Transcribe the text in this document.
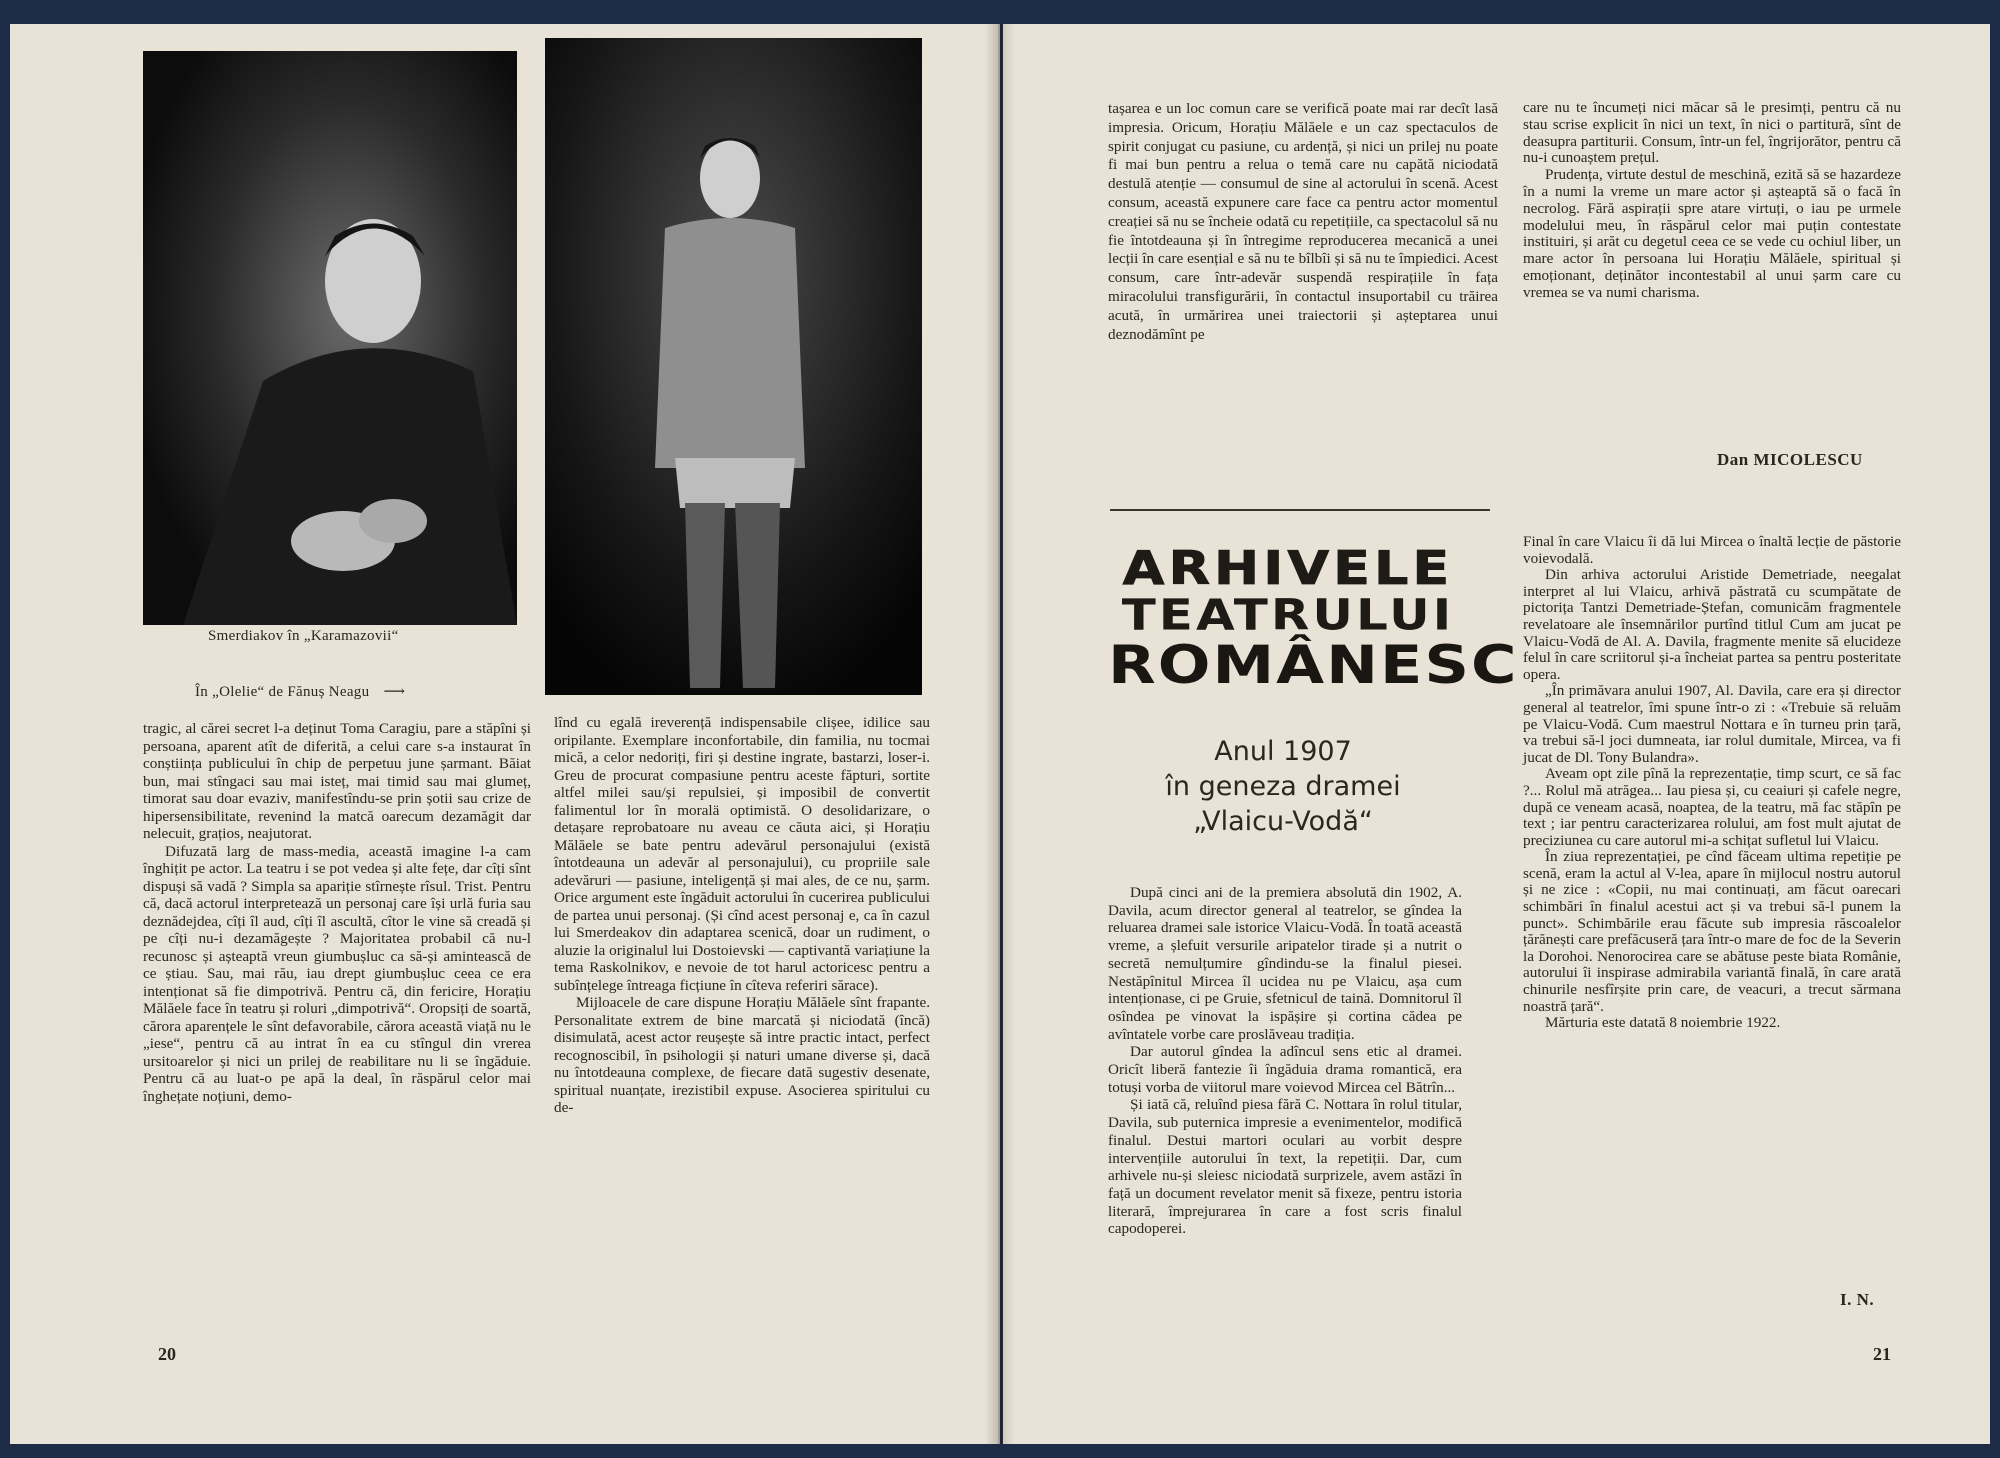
Smerdiakov în „Karamazovii“
În „Olelie“ de Fănuș Neagu ⟶

tragic, al cărei secret l-a deținut Toma Caragiu, pare a stăpîni și persoana, aparent atît de diferită, a celui care s-a instaurat în conștiința publicului în chip de perpetuu june șarmant. Băiat bun, mai stîngaci sau mai isteț, mai timid sau mai glumeț, timorat sau doar evaziv, manifestîndu-se prin șotii sau crize de hipersensibilitate, revenind la matcă oarecum dezamăgit dar nelecuit, grațios, neajutorat.

Difuzată larg de mass-media, această imagine l-a cam înghițit pe actor. La teatru i se pot vedea și alte fețe, dar cîți sînt dispuși să vadă ? Simpla sa apariție stîrnește rîsul. Trist. Pentru că, dacă actorul interpretează un personaj care își urlă furia sau deznădejdea, cîți îl aud, cîți îl ascultă, cîtor le vine să creadă și pe cîți nu-i dezamăgește ? Majoritatea probabil că nu-l recunosc și așteaptă vreun giumbușluc ca să-și amintească de ce știau. Sau, mai rău, iau drept giumbușluc ceea ce era intenționat să fie dimpotrivă. Pentru că, din fericire, Horațiu Mălăele face în teatru și roluri „dimpotrivă“. Oropsiți de soartă, cărora aparențele le sînt defavorabile, cărora această viață nu le „iese“, pentru că au intrat în ea cu stîngul din vrerea ursitoarelor și nici un prilej de reabilitare nu li se îngăduie. Pentru că au luat-o pe apă la deal, în răspărul celor mai înghețate noțiuni, demo-

lînd cu egală ireverență indispensabile clișee, idilice sau oripilante. Exemplare inconfortabile, din familia, nu tocmai mică, a celor nedoriți, firi și destine ingrate, bastarzi, loser-i. Greu de procurat compasiune pentru aceste făpturi, sortite altfel milei sau/și repulsiei, și imposibil de convertit falimentul lor în moralä optimistă. O desolidarizare, o detașare reprobatoare nu aveau ce căuta aici, și Horațiu Mălăele se bate pentru adevărul personajului (există întotdeauna un adevăr al personajului), cu propriile sale adevăruri — pasiune, inteligență și mai ales, de ce nu, șarm. Orice argument este îngăduit actorului în cucerirea publicului de partea unui personaj. (Și cînd acest personaj e, ca în cazul lui Smerdeakov din adaptarea scenică, doar un rudiment, o aluzie la originalul lui Dostoievski — captivantă variațiune la tema Raskolnikov, e nevoie de tot harul actoricesc pentru a subînțelege întreaga ficțiune în cîteva referiri sărace).

Mijloacele de care dispune Horațiu Mălăele sînt frapante. Personalitate extrem de bine marcată și niciodată (încă) disimulată, acest actor reușește să intre practic intact, perfect recognoscibil, în psihologii și naturi umane diverse și, dacă nu întotdeauna complexe, de fiecare dată sugestiv desenate, spiritual nuanțate, irezistibil expuse. Asocierea spiritului cu de-

20

tașarea e un loc comun care se verifică poate mai rar decît lasă impresia. Oricum, Horațiu Mălăele e un caz spectaculos de spirit conjugat cu pasiune, cu ardență, și nici un prilej nu poate fi mai bun pentru a relua o temă care nu capătă niciodată destulă atenție — consumul de sine al actorului în scenă. Acest consum, această expunere care face ca pentru actor momentul creației să nu se încheie odată cu repetițiile, ca spectacolul să nu fie întotdeauna și în întregime reproducerea mecanică a unei lecții în care esențial e să nu te bîlbîi și să nu te împiedici. Acest consum, care într-adevăr suspendă respirațiile în fața miracolului transfigurării, în contactul insuportabil cu trăirea acută, în urmărirea unei traiectorii și așteptarea unui deznodămînt pe

care nu te încumeți nici măcar să le presimți, pentru că nu stau scrise explicit în nici un text, în nici o partitură, sînt de deasupra partiturii. Consum, într-un fel, îngrijorător, pentru că nu-i cunoaștem prețul.

Prudența, virtute destul de meschină, ezită să se hazardeze în a numi la vreme un mare actor și așteaptă să o facă în necrolog. Fără aspirații spre atare virtuți, o iau pe urmele modelului meu, în răspărul celor mai puțin contestate instituiri, și arăt cu degetul ceea ce se vede cu ochiul liber, un mare actor în persoana lui Horațiu Mălăele, spiritual și emoționant, deținător incontestabil al unui șarm care cu vremea se va numi charisma.

Dan MICOLESCU
ARHIVELE
TEATRULUI
ROMÂNESC
Anul 1907
în geneza dramei
„Vlaicu-Vodă“

După cinci ani de la premiera absolută din 1902, A. Davila, acum director general al teatrelor, se gîndea la reluarea dramei sale istorice Vlaicu-Vodă. În toată această vreme, a șlefuit versurile aripatelor tirade și a nutrit o secretă nemulțumire gîndindu-se la finalul piesei. Nestăpînitul Mircea îl ucidea nu pe Vlaicu, așa cum intenționase, ci pe Gruie, sfetnicul de taină. Domnitorul îl osîndea pe vinovat la ispășire și cortina cădea pe avîntatele vorbe care proslăveau tradiția.

Dar autorul gîndea la adîncul sens etic al dramei. Oricît liberă fantezie îi îngăduia drama romantică, era totuși vorba de viitorul mare voievod Mircea cel Bătrîn...

Și iată că, reluînd piesa fără C. Nottara în rolul titular, Davila, sub puternica impresie a evenimentelor, modifică finalul. Destui martori oculari au vorbit despre intervențiile autorului în text, la repetiții. Dar, cum arhivele nu-și sleiesc niciodată surprizele, avem astăzi în față un document revelator menit să fixeze, pentru istoria literară, împrejurarea în care a fost scris finalul capodoperei.

Final în care Vlaicu îi dă lui Mircea o înaltă lecție de păstorie voievodală.

Din arhiva actorului Aristide Demetriade, neegalat interpret al lui Vlaicu, arhivă păstrată cu scumpătate de pictorița Tantzi Demetriade-Ștefan, comunicăm fragmentele revelatoare ale însemnărilor purtînd titlul Cum am jucat pe Vlaicu-Vodă de Al. A. Davila, fragmente menite să elucideze felul în care scriitorul și-a încheiat partea sa pentru posteritate opera.

„În primăvara anului 1907, Al. Davila, care era și director general al teatrelor, îmi spune într-o zi : «Trebuie să reluăm pe Vlaicu-Vodă. Cum maestrul Nottara e în turneu prin țară, va trebui să-l joci dumneata, iar rolul dumitale, Mircea, va fi jucat de Dl. Tony Bulandra».

Aveam opt zile pînă la reprezentație, timp scurt, ce să fac ?... Rolul mă atrăgea... Iau piesa și, cu ceaiuri și cafele negre, după ce veneam acasă, noaptea, de la teatru, mă fac stăpîn pe text ; iar pentru caracterizarea rolului, am fost mult ajutat de preciziunea cu care autorul mi-a schițat sufletul lui Vlaicu.

În ziua reprezentației, pe cînd făceam ultima repetiție pe scenă, eram la actul al V-lea, apare în mijlocul nostru autorul și ne zice : «Copii, nu mai continuați, am făcut oarecari schimbări în finalul acestui act și va trebui să-l punem la punct». Schimbările erau făcute sub impresia răscoalelor țărănești care prefăcuseră țara într-o mare de foc de la Severin la Dorohoi. Nenorocirea care se abătuse peste biata Românie, autorului îi inspirase admirabila variantă finală, în care arată chinurile nesfîrșite prin care, de veacuri, a trecut sărmana noastră țară“.

Mărturia este datată 8 noiembrie 1922.

I. N.
21
